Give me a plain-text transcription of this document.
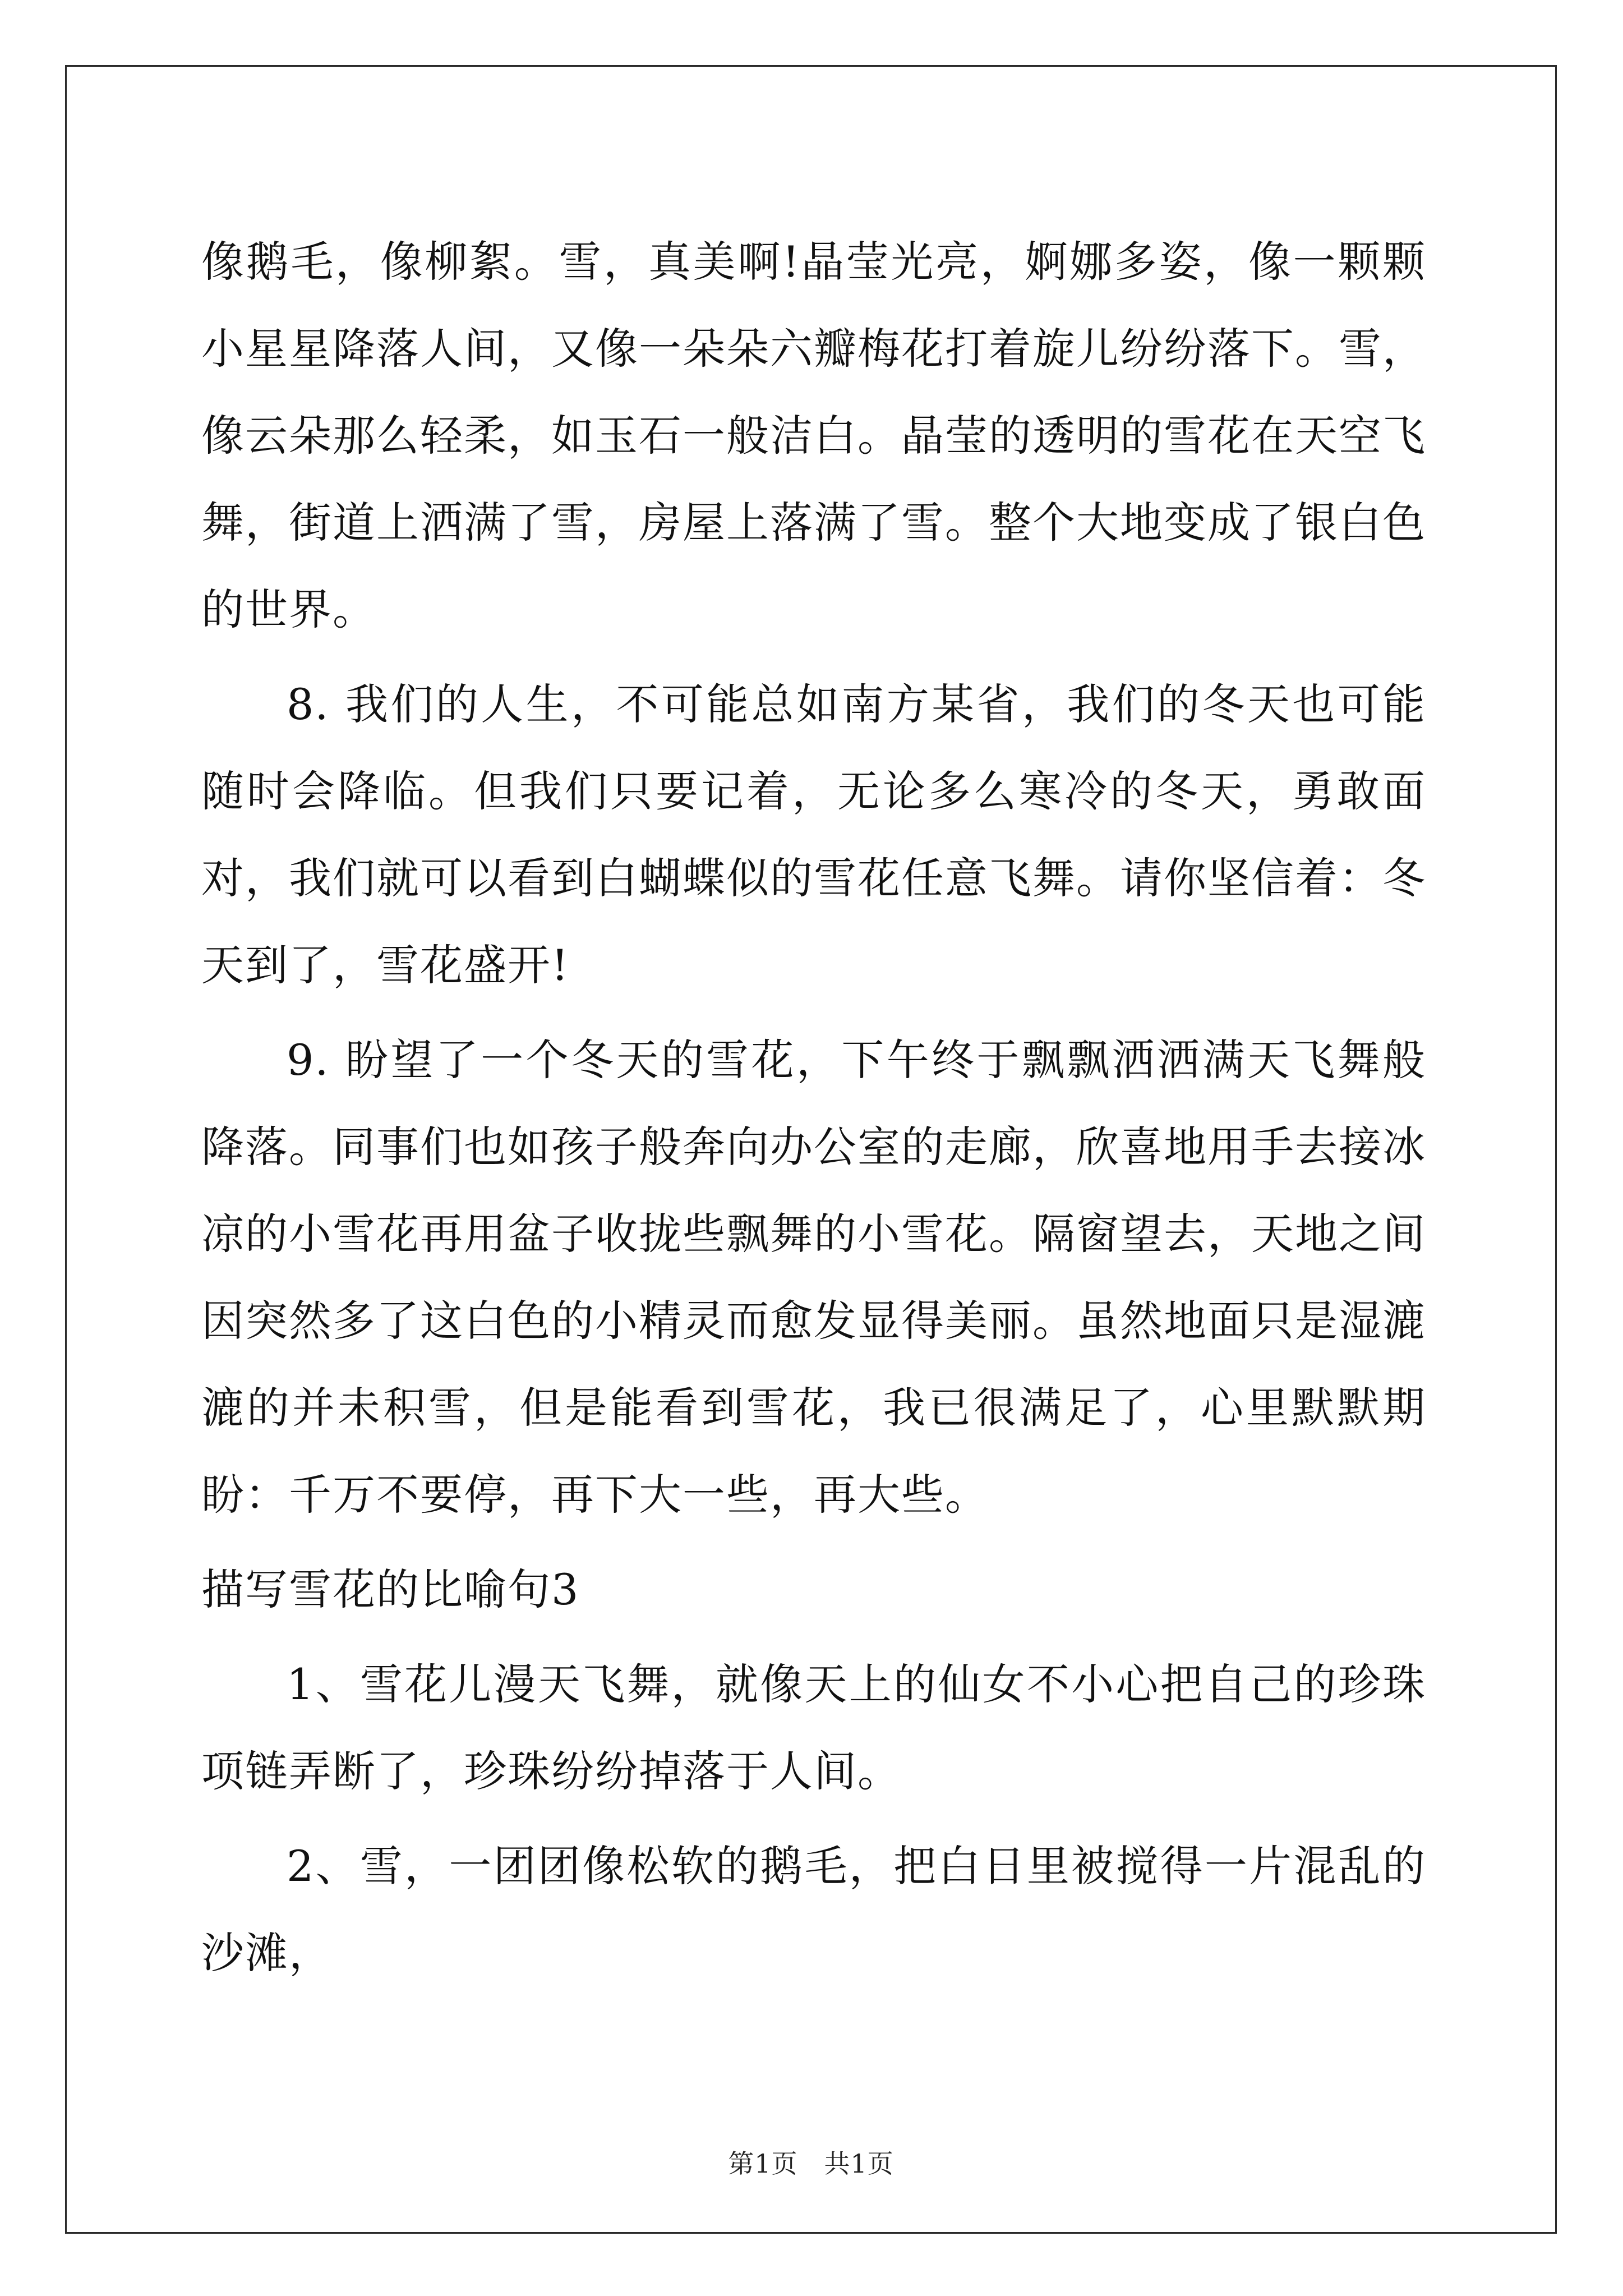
像鹅毛，像柳絮。雪，真美啊!晶莹光亮，婀娜多姿，像一颗颗小星星降落人间，又像一朵朵六瓣梅花打着旋儿纷纷落下。雪，像云朵那么轻柔，如玉石一般洁白。晶莹的透明的雪花在天空飞舞，街道上洒满了雪，房屋上落满了雪。整个大地变成了银白色的世界。

8. 我们的人生，不可能总如南方某省，我们的冬天也可能随时会降临。但我们只要记着，无论多么寒冷的冬天，勇敢面对，我们就可以看到白蝴蝶似的雪花任意飞舞。请你坚信着：冬天到了，雪花盛开!

9. 盼望了一个冬天的雪花，下午终于飘飘洒洒满天飞舞般降落。同事们也如孩子般奔向办公室的走廊，欣喜地用手去接冰凉的小雪花再用盆子收拢些飘舞的小雪花。隔窗望去，天地之间因突然多了这白色的小精灵而愈发显得美丽。虽然地面只是湿漉漉的并未积雪，但是能看到雪花，我已很满足了，心里默默期盼：千万不要停，再下大一些，再大些。

描写雪花的比喻句3

1、雪花儿漫天飞舞，就像天上的仙女不小心把自己的珍珠项链弄断了，珍珠纷纷掉落于人间。

2、雪，一团团像松软的鹅毛，把白日里被搅得一片混乱的沙滩，

第1页　共1页
